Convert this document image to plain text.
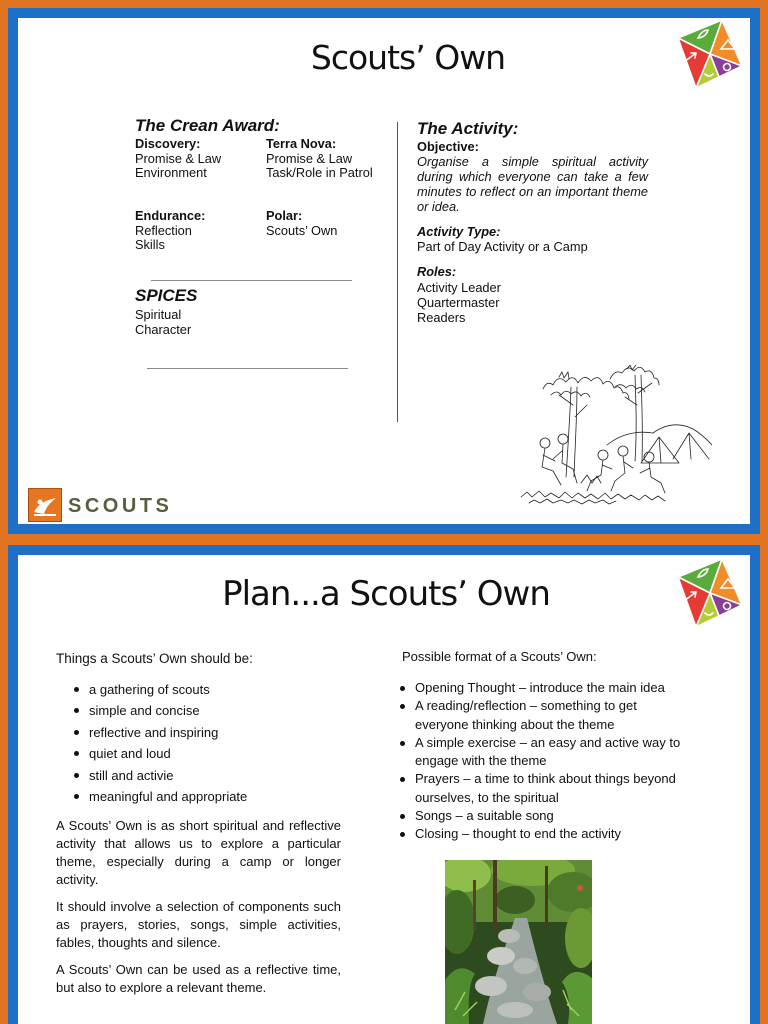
Scouts’ Own
The Crean Award:
Discovery:
Promise & Law
Environment
Terra Nova:
Promise & Law
Task/Role in Patrol
Endurance:
Reflection
Skills
Polar:
Scouts’ Own
SPICES
Spiritual
Character
The Activity:
Objective:
Organise a simple spiritual activity during which everyone can take a few minutes to reflect on an important theme or idea.
Activity Type:
Part of Day Activity or a Camp
Roles:
Activity Leader
Quartermaster
Readers
SCOUTS
Plan...a Scouts’ Own
Things a Scouts’ Own should be:
a gathering of scouts
simple and concise
reflective and inspiring
quiet and loud
still and activie
meaningful and appropriate

A Scouts’ Own is as short spiritual and reflective activity that allows us to explore a particular theme, especially during a camp or longer activity.

It should involve a selection of components such as prayers, stories, songs, simple activities, fables, thoughts and silence.

A Scouts’ Own can be used as a reflective time, but also to explore a relevant theme.

Possible format of a Scouts’ Own:
Opening Thought – introduce the main idea
A reading/reflection – something to get everyone thinking about the theme
A simple exercise – an easy and active way to engage with the theme
Prayers – a time to think about things beyond ourselves, to the spiritual
Songs – a suitable song
Closing – thought to end the activity
